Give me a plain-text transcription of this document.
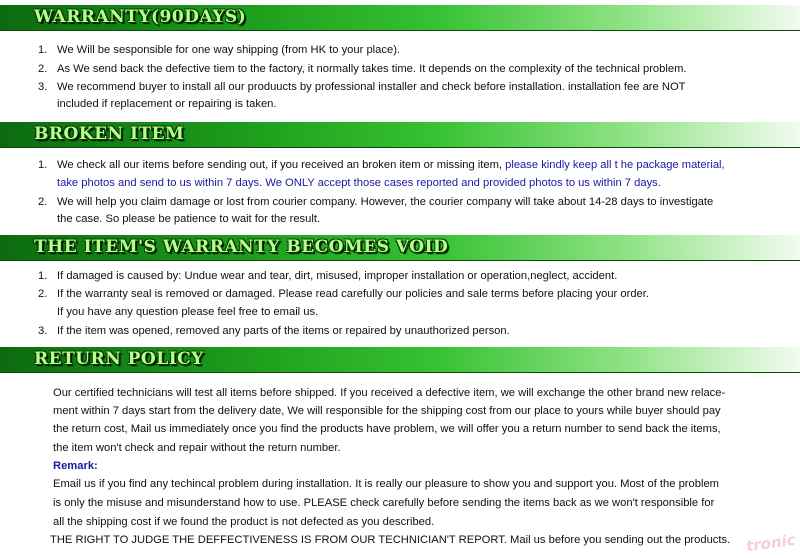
WARRANTY(90DAYS)
1. We Will be sesponsible for one way shipping (from HK to your place).
2. As We send back the defective tiem to the factory, it normally takes time. It depends on the complexity of the technical problem.
3. We recommend buyer to install all our produucts by professional installer and check before installation. installation fee are NOT
included if replacement or repairing is taken.
BROKEN ITEM
1. We check all our items before sending out, if you received an broken item or missing item, please kindly keep all t he package material,
take photos and send to us within 7 days. We ONLY accept those cases reported and provided photos to us within 7 days.
2. We will help you claim damage or lost from courier company. However, the courier company will take about 14-28 days to investigate
the case. So please be patience to wait for the result.
THE ITEM'S WARRANTY BECOMES VOID
1. If damaged is caused by: Undue wear and tear, dirt, misused, improper installation or operation,neglect, accident.
2. If the warranty seal is removed or damaged. Please read carefully our policies and sale terms before placing your order.
If you have any question please feel free to email us.
3. If the item was opened, removed any parts of the items or repaired by unauthorized person.
RETURN POLICY
Our certified technicians will test all items before shipped. If you received a defective item, we will exchange the other brand new relace-
ment within 7 days start from the delivery date, We will responsible for the shipping cost from our place to yours while buyer should pay
the return cost, Mail us immediately once you find the products have problem, we will offer you a return number to send back the items,
the item won't check and repair without the return number.
Remark:
Email us if you find any techincal problem during installation. It is really our pleasure to show you and support you. Most of the problem
is only the misuse and misunderstand how to use. PLEASE check carefully before sending the items back as we won't responsible for
all the shipping cost if we found the product is not defected as you described.
THE RIGHT TO JUDGE THE DEFFECTIVENESS IS FROM OUR TECHNICIAN'T REPORT. Mail us before you sending out the products. tronic
